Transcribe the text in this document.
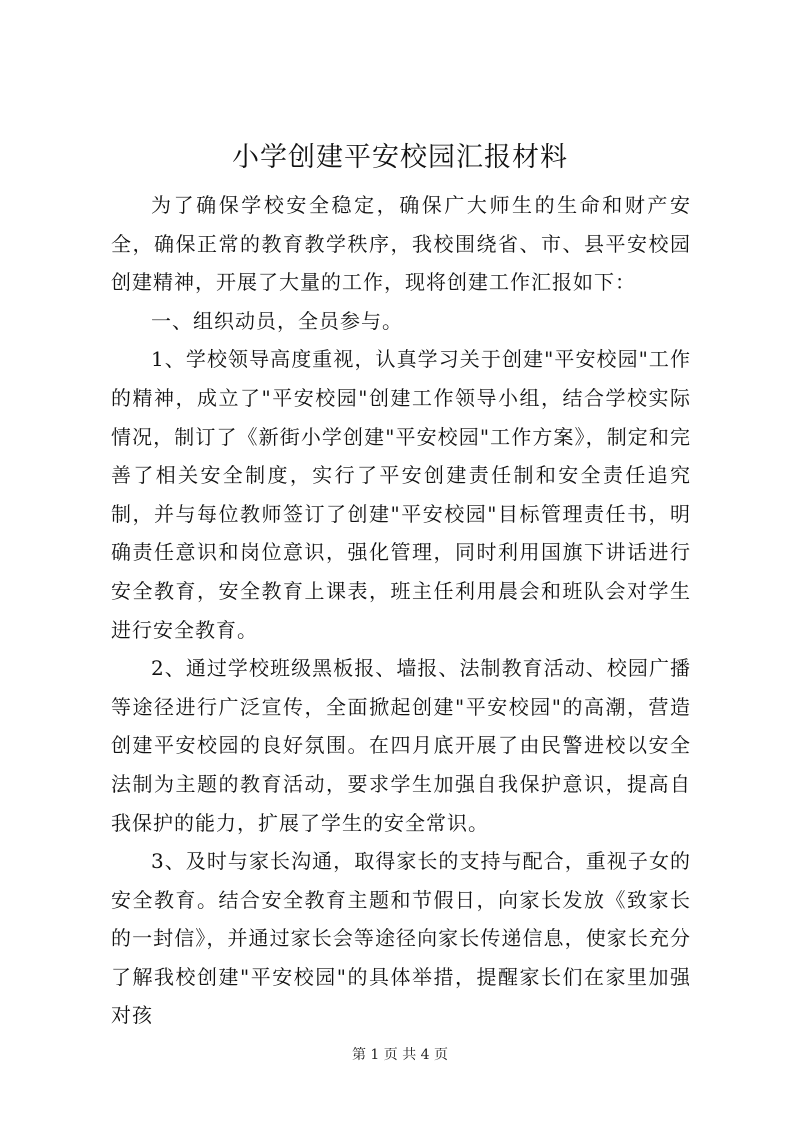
小学创建平安校园汇报材料

为了确保学校安全稳定，确保广大师生的生命和财产安全，确保正常的教育教学秩序，我校围绕省、市、县平安校园创建精神，开展了大量的工作，现将创建工作汇报如下：

一、组织动员，全员参与。

1、学校领导高度重视，认真学习关于创建"平安校园"工作的精神，成立了"平安校园"创建工作领导小组，结合学校实际情况，制订了《新街小学创建"平安校园"工作方案》，制定和完善了相关安全制度，实行了平安创建责任制和安全责任追究制，并与每位教师签订了创建"平安校园"目标管理责任书，明确责任意识和岗位意识，强化管理，同时利用国旗下讲话进行安全教育，安全教育上课表，班主任利用晨会和班队会对学生进行安全教育。

2、通过学校班级黑板报、墙报、法制教育活动、校园广播等途径进行广泛宣传，全面掀起创建"平安校园"的高潮，营造创建平安校园的良好氛围。在四月底开展了由民警进校以安全法制为主题的教育活动，要求学生加强自我保护意识，提高自我保护的能力，扩展了学生的安全常识。

3、及时与家长沟通，取得家长的支持与配合，重视子女的安全教育。结合安全教育主题和节假日，向家长发放《致家长的一封信》，并通过家长会等途径向家长传递信息，使家长充分了解我校创建"平安校园"的具体举措，提醒家长们在家里加强对孩

第 1 页 共 4 页
